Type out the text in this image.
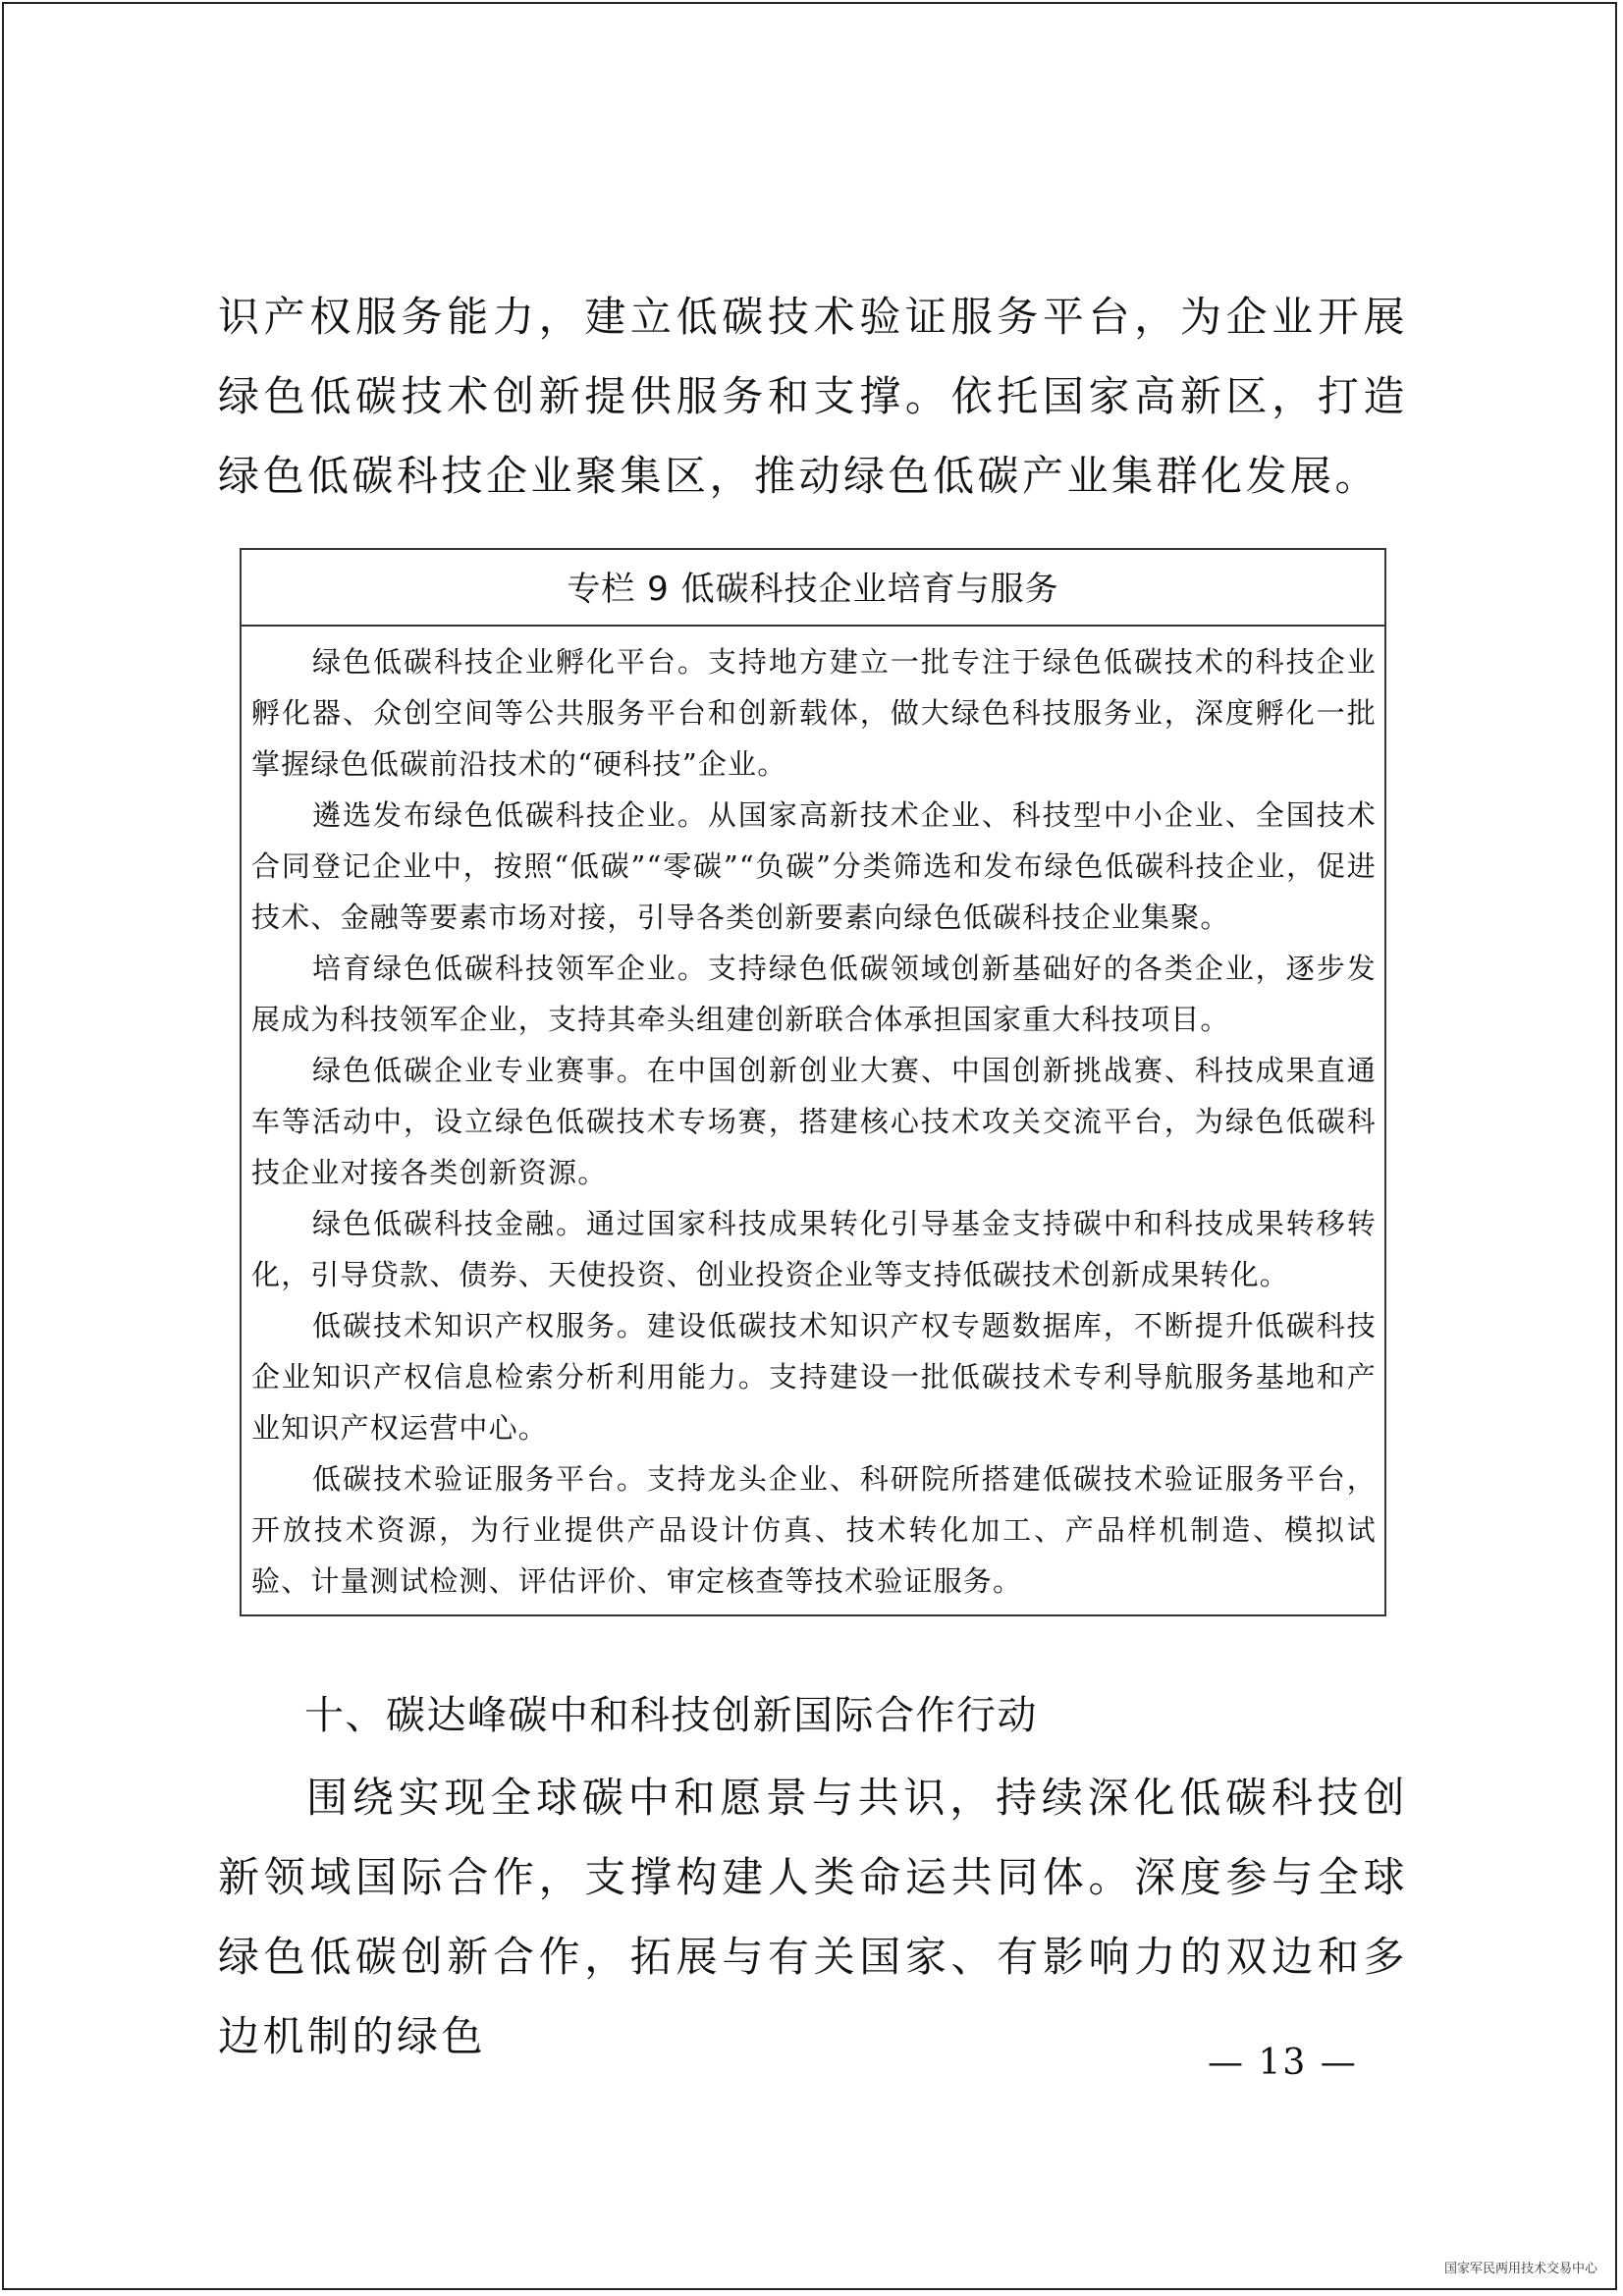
识产权服务能力，建立低碳技术验证服务平台，为企业开展绿色低碳技术创新提供服务和支撑。依托国家高新区，打造绿色低碳科技企业聚集区，推动绿色低碳产业集群化发展。

专栏 9 低碳科技企业培育与服务

绿色低碳科技企业孵化平台。支持地方建立一批专注于绿色低碳技术的科技企业孵化器、众创空间等公共服务平台和创新载体，做大绿色科技服务业，深度孵化一批掌握绿色低碳前沿技术的“硬科技”企业。

遴选发布绿色低碳科技企业。从国家高新技术企业、科技型中小企业、全国技术合同登记企业中，按照“低碳”“零碳”“负碳”分类筛选和发布绿色低碳科技企业，促进技术、金融等要素市场对接，引导各类创新要素向绿色低碳科技企业集聚。

培育绿色低碳科技领军企业。支持绿色低碳领域创新基础好的各类企业，逐步发展成为科技领军企业，支持其牵头组建创新联合体承担国家重大科技项目。

绿色低碳企业专业赛事。在中国创新创业大赛、中国创新挑战赛、科技成果直通车等活动中，设立绿色低碳技术专场赛，搭建核心技术攻关交流平台，为绿色低碳科技企业对接各类创新资源。

绿色低碳科技金融。通过国家科技成果转化引导基金支持碳中和科技成果转移转化，引导贷款、债券、天使投资、创业投资企业等支持低碳技术创新成果转化。

低碳技术知识产权服务。建设低碳技术知识产权专题数据库，不断提升低碳科技企业知识产权信息检索分析利用能力。支持建设一批低碳技术专利导航服务基地和产业知识产权运营中心。

低碳技术验证服务平台。支持龙头企业、科研院所搭建低碳技术验证服务平台，开放技术资源，为行业提供产品设计仿真、技术转化加工、产品样机制造、模拟试验、计量测试检测、评估评价、审定核查等技术验证服务。

十、碳达峰碳中和科技创新国际合作行动

围绕实现全球碳中和愿景与共识，持续深化低碳科技创新领域国际合作，支撑构建人类命运共同体。深度参与全球绿色低碳创新合作，拓展与有关国家、有影响力的双边和多边机制的绿色

— 13 —
国家军民两用技术交易中心
